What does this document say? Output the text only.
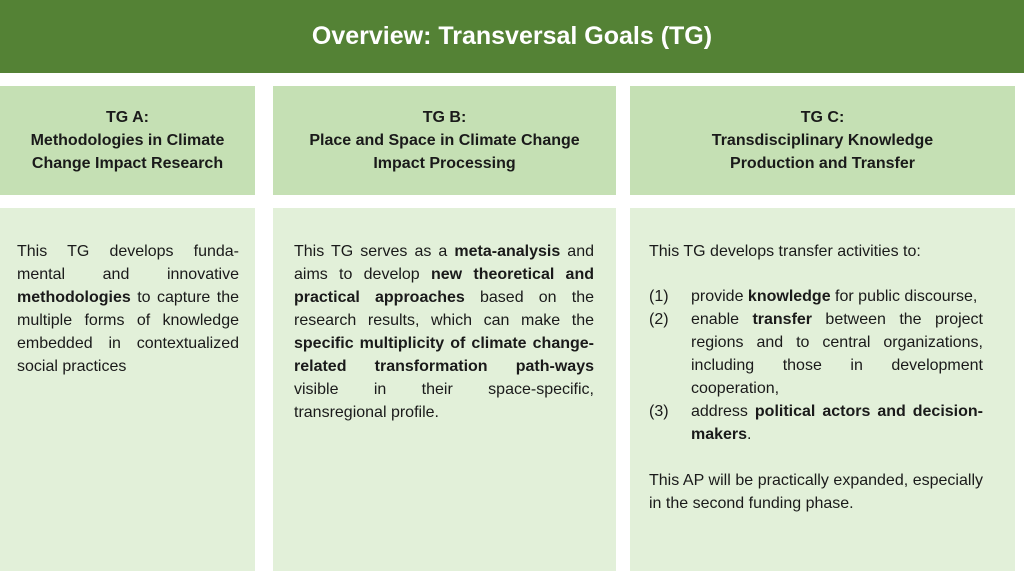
Overview: Transversal Goals (TG)
TG A:
Methodologies in Climate
Change Impact Research
This TG develops funda-mental and innovative methodologies to capture the multiple forms of knowledge embedded in contextualized social practices
TG B:
Place and Space in Climate Change
Impact Processing
This TG serves as a meta-analysis and aims to develop new theoretical and practical approaches based on the research results, which can make the specific multiplicity of climate change-related transformation path-ways visible in their space-specific, transregional profile.
TG C:
Transdisciplinary Knowledge
Production and Transfer
This TG develops transfer activities to:
(1)	provide knowledge for public discourse,
(2)	enable transfer between the project regions and to central organizations, including those in development cooperation,
(3)	address political actors and decision-makers.
This AP will be practically expanded, especially in the second funding phase.
